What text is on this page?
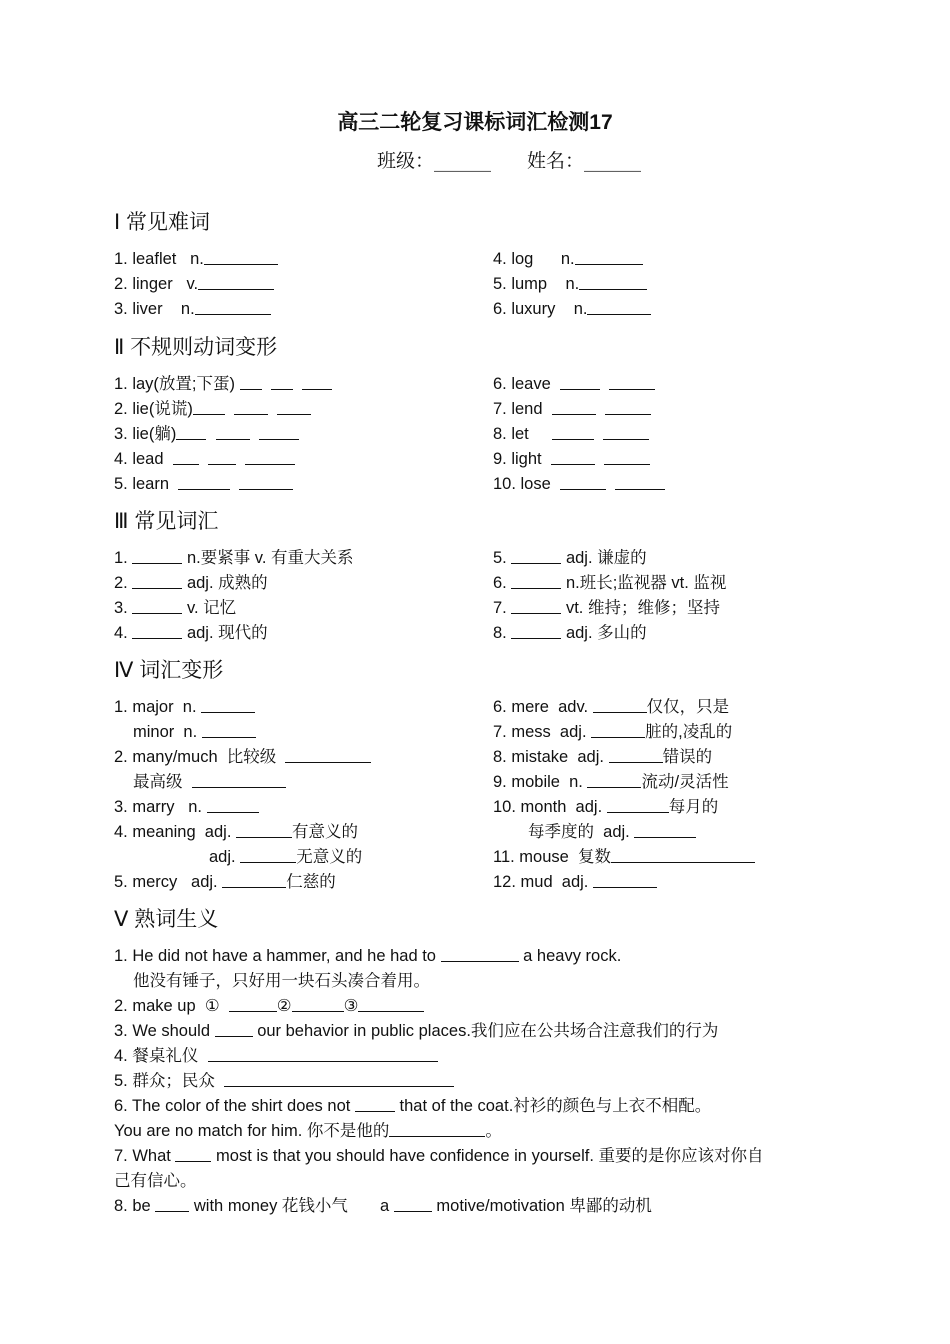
高三二轮复习课标词汇检测17
班级：______ 姓名：______
Ⅰ 常见难词
1. leaflet   n.
2. linger   v.
3. liver    n.
4. log      n.
5. lump    n.
6. luxury    n.
Ⅱ 不规则动词变形
1. lay(放置;下蛋)
2. lie(说谎)
3. lie(躺)
4. lead
5. learn
6. leave
7. lend
8. let
9. light
10. lose
Ⅲ 常见词汇
1.	n.要紧事 v. 有重大关系
2.	adj. 成熟的
3.	v. 记忆
4.	adj. 现代的
5.	adj. 谦虚的
6.	n.班长;监视器 vt. 监视
7.	vt. 维持；维修；坚持
8.	adj. 多山的
Ⅳ 词汇变形
1. major  n.
minor  n.
2. many/much  比较级
最高级
3. marry   n.
4. meaning  adj.	有意义的
adj.	无意义的
5. mercy   adj.	仁慈的
6. mere  adv.	仅仅，只是
7. mess  adj.	脏的,凌乱的
8. mistake  adj.	错误的
9. mobile  n.	流动/灵活性
10. month  adj.	每月的
每季度的  adj.
11. mouse  复数
12. mud  adj.
Ⅴ 熟词生义
1. He did not have a hammer, and he had to	a heavy rock.
他没有锤子，只好用一块石头凑合着用。
2. make up ①	②	③
3. We should	our behavior in public places.我们应在公共场合注意我们的行为
4. 餐桌礼仪
5. 群众；民众
6. The color of the shirt does not	that of the coat.衬衫的颜色与上衣不相配。
You are no match for him. 你不是他的	。
7. What	most is that you should have confidence in yourself. 重要的是你应该对你自
己有信心。
8. be	with money 花钱小气 a	motive/motivation 卑鄙的动机
